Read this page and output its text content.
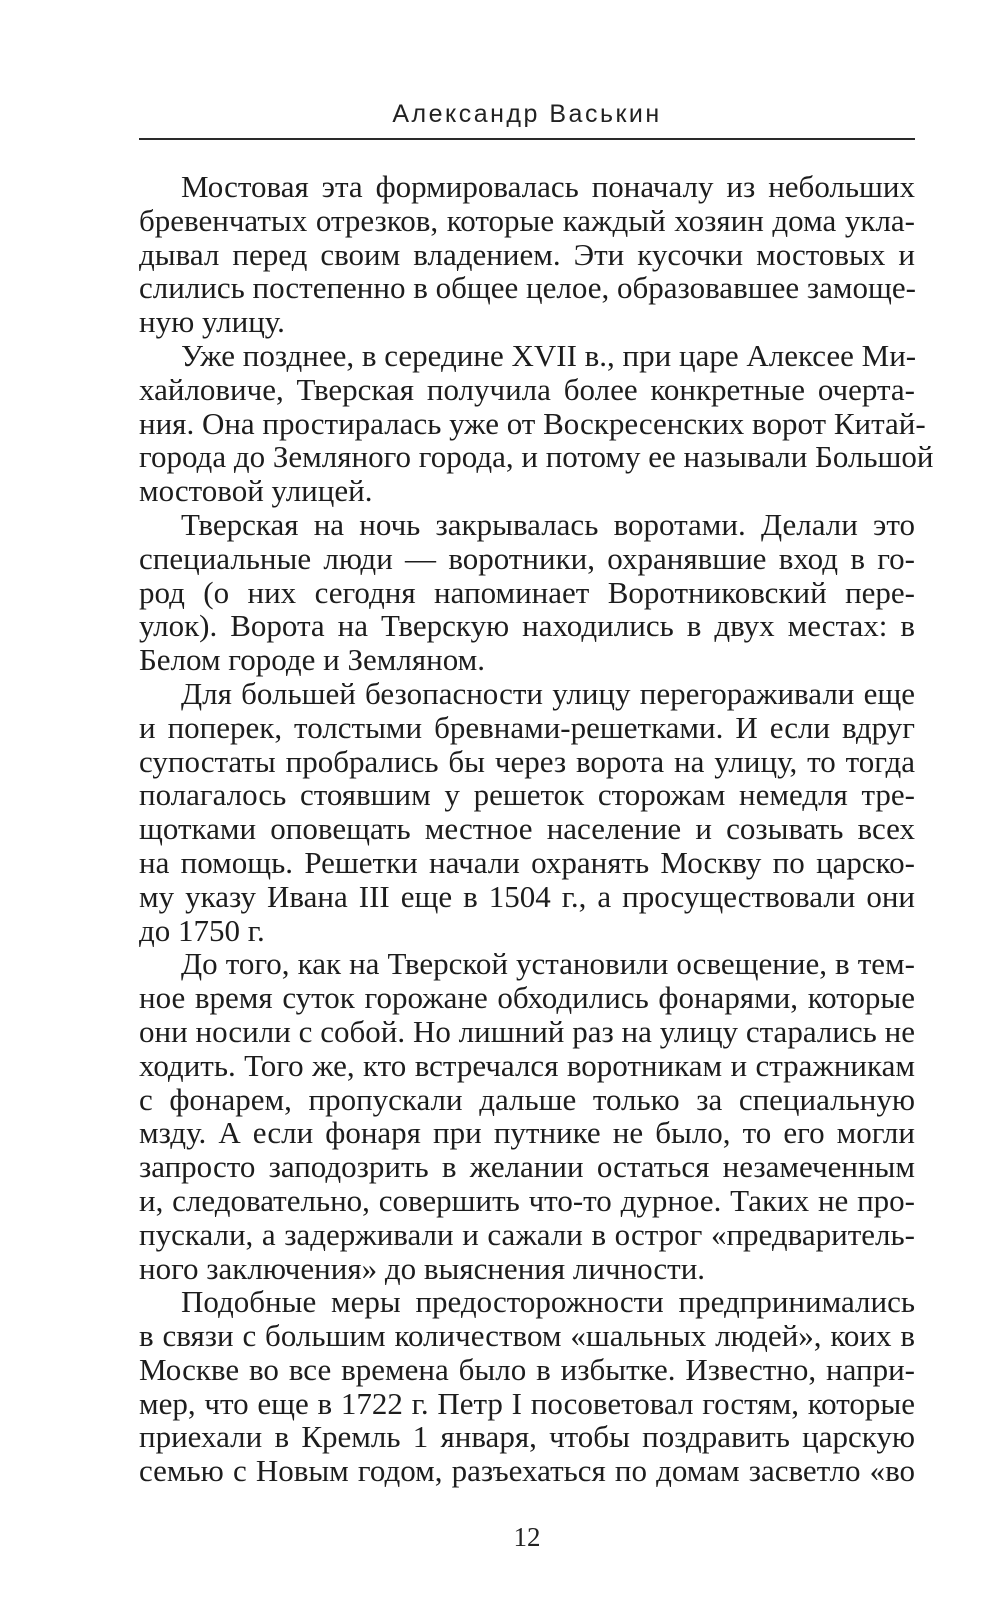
Александр Васькин

Мостовая эта формировалась поначалу из небольших
бревенчатых отрезков, которые каждый хозяин дома укла-
дывал перед своим владением. Эти кусочки мостовых и
слились постепенно в общее целое, образовавшее замоще-
ную улицу.

Уже позднее, в середине XVII в., при царе Алексее Ми-
хайловиче, Тверская получила более конкретные очерта-
ния. Она простиралась уже от Воскресенских ворот Китай-
города до Земляного города, и потому ее называли Большой
мостовой улицей.

Тверская на ночь закрывалась воротами. Делали это
специальные люди — воротники, охранявшие вход в го-
род (о них сегодня напоминает Воротниковский пере-
улок). Ворота на Тверскую находились в двух местах: в
Белом городе и Земляном.

Для большей безопасности улицу перегораживали еще
и поперек, толстыми бревнами-решетками. И если вдруг
супостаты пробрались бы через ворота на улицу, то тогда
полагалось стоявшим у решеток сторожам немедля тре-
щотками оповещать местное население и созывать всех
на помощь. Решетки начали охранять Москву по царско-
му указу Ивана III еще в 1504 г., а просуществовали они
до 1750 г.

До того, как на Тверской установили освещение, в тем-
ное время суток горожане обходились фонарями, которые
они носили с собой. Но лишний раз на улицу старались не
ходить. Того же, кто встречался воротникам и стражникам
с фонарем, пропускали дальше только за специальную
мзду. А если фонаря при путнике не было, то его могли
запросто заподозрить в желании остаться незамеченным
и, следовательно, совершить что-то дурное. Таких не про-
пускали, а задерживали и сажали в острог «предваритель-
ного заключения» до выяснения личности.

Подобные меры предосторожности предпринимались
в связи с большим количеством «шальных людей», коих в
Москве во все времена было в избытке. Известно, напри-
мер, что еще в 1722 г. Петр I посоветовал гостям, которые
приехали в Кремль 1 января, чтобы поздравить царскую
семью с Новым годом, разъехаться по домам засветло «во

12
